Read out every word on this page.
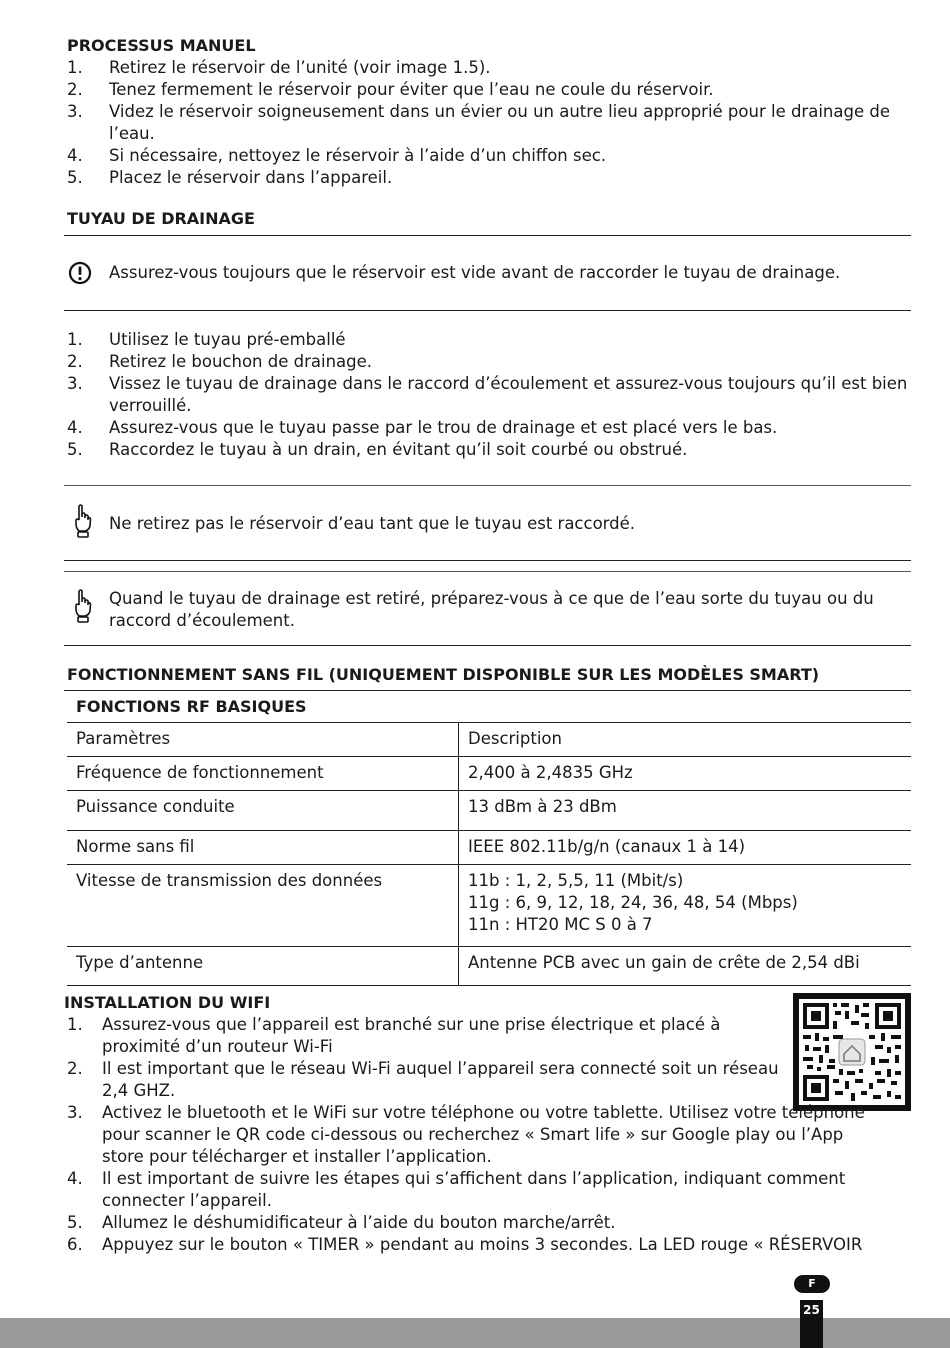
PROCESSUS MANUEL
1. Retirez le réservoir de l’unité (voir image 1.5).
2. Tenez fermement le réservoir pour éviter que l’eau ne coule du réservoir.
3. Videz le réservoir soigneusement dans un évier ou un autre lieu approprié pour le drainage de l’eau.
4. Si nécessaire, nettoyez le réservoir à l’aide d’un chiffon sec.
5. Placez le réservoir dans l’appareil.
TUYAU DE DRAINAGE
Assurez-vous toujours que le réservoir est vide avant de raccorder le tuyau de drainage.
1. Utilisez le tuyau pré-emballé
2. Retirez le bouchon de drainage.
3. Vissez le tuyau de drainage dans le raccord d’écoulement et assurez-vous toujours qu’il est bien verrouillé.
4. Assurez-vous que le tuyau passe par le trou de drainage et est placé vers le bas.
5. Raccordez le tuyau à un drain, en évitant qu’il soit courbé ou obstrué.
Ne retirez pas le réservoir d’eau tant que le tuyau est raccordé.
Quand le tuyau de drainage est retiré, préparez-vous à ce que de l’eau sorte du tuyau ou du raccord d’écoulement.
FONCTIONNEMENT SANS FIL (UNIQUEMENT DISPONIBLE SUR LES MODÈLES SMART)
FONCTIONS RF BASIQUES
Paramètres	Description
Fréquence de fonctionnement	2,400 à 2,4835 GHz
Puissance conduite	13 dBm à 23 dBm
Norme sans fil	IEEE 802.11b/g/n (canaux 1 à 14)
Vitesse de transmission des données	11b : 1, 2, 5,5, 11 (Mbit/s)
11g : 6, 9, 12, 18, 24, 36, 48, 54 (Mbps)
11n : HT20 MC S 0 à 7
Type d’antenne	Antenne PCB avec un gain de crête de 2,54 dBi
INSTALLATION DU WIFI
1. Assurez-vous que l’appareil est branché sur une prise électrique et placé à proximité d’un routeur Wi-Fi
2. Il est important que le réseau Wi-Fi auquel l’appareil sera connecté soit un réseau 2,4 GHZ.
3. Activez le bluetooth et le WiFi sur votre téléphone ou votre tablette. Utilisez votre téléphone pour scanner le QR code ci-dessous ou recherchez « Smart life » sur Google play ou l’App store pour télécharger et installer l’application.
4. Il est important de suivre les étapes qui s’affichent dans l’application, indiquant comment connecter l’appareil.
5. Allumez le déshumidificateur à l’aide du bouton marche/arrêt.
6. Appuyez sur le bouton « TIMER » pendant au moins 3 secondes. La LED rouge « RÉSERVOIR
F
25
